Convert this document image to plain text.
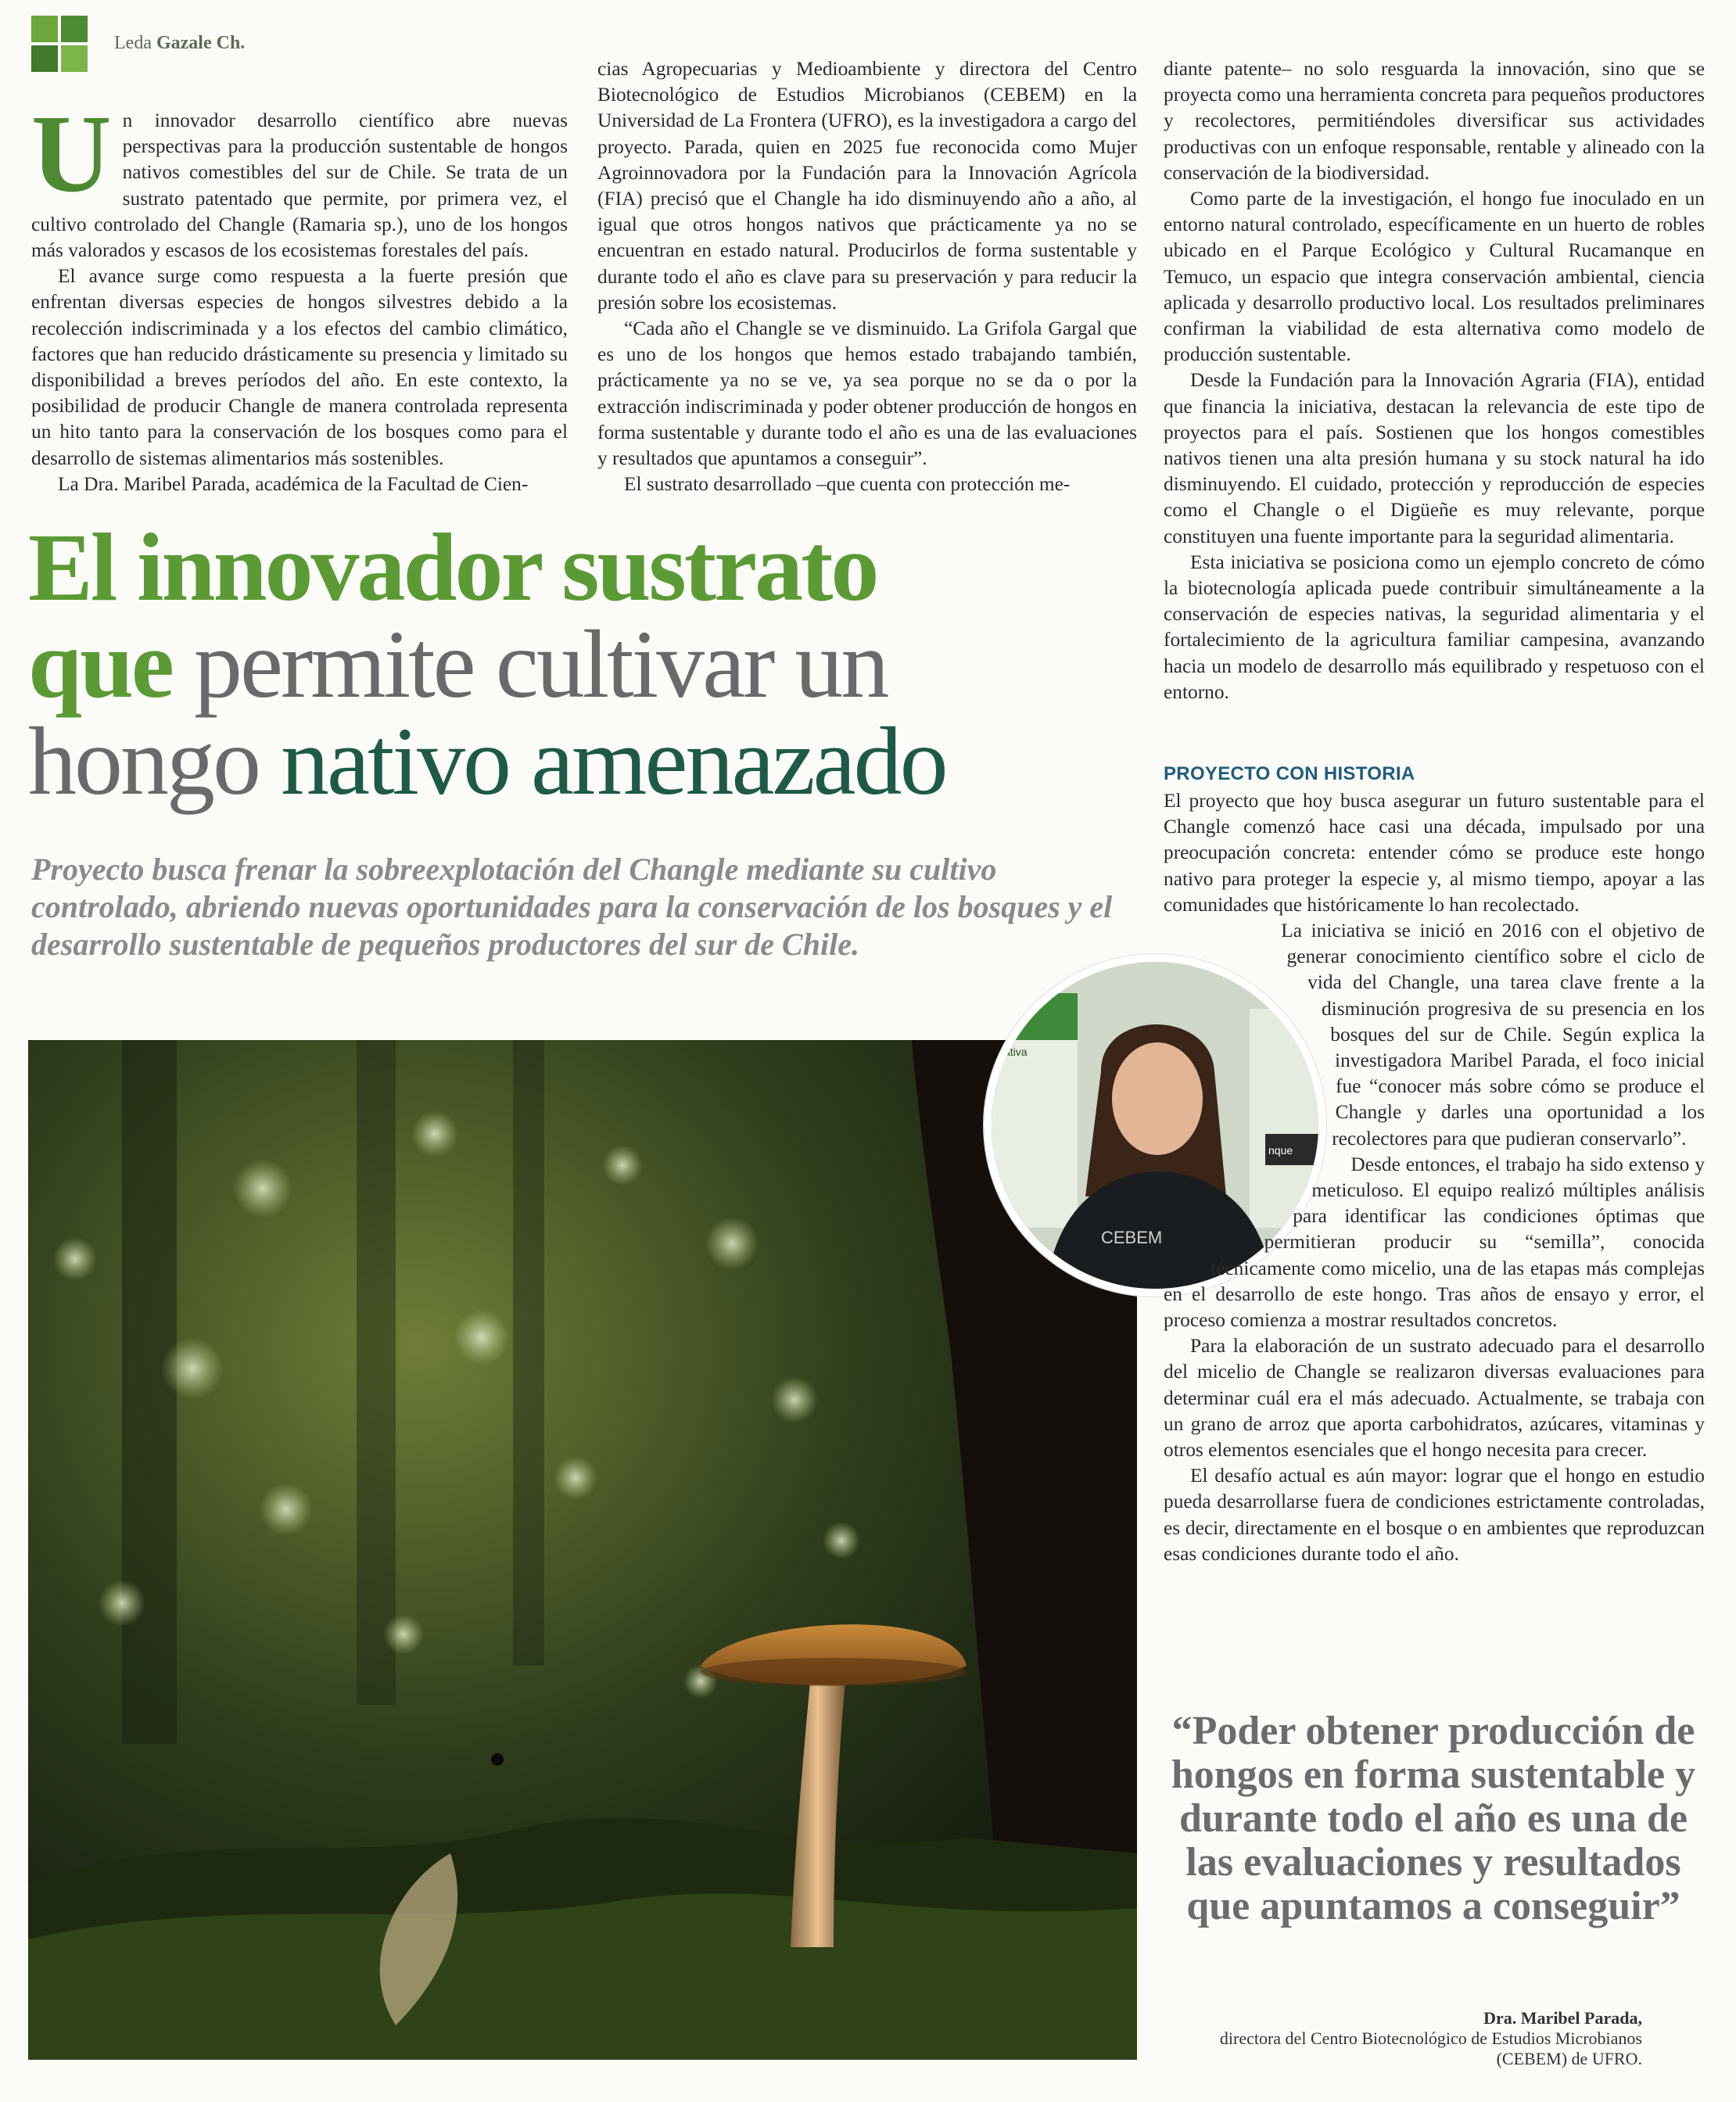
Leda Gazale Ch.

Un innovador desarrollo científico abre nuevas perspectivas para la producción sustentable de hongos nativos comestibles del sur de Chile. Se trata de un sustrato patentado que permite, por primera vez, el cultivo controlado del Changle (Ramaria sp.), uno de los hongos más valorados y escasos de los ecosistemas forestales del país.

El avance surge como respuesta a la fuerte presión que enfrentan diversas especies de hongos silvestres debido a la recolección indiscriminada y a los efectos del cambio climático, factores que han reducido drásticamente su presencia y limitado su disponibilidad a breves períodos del año. En este contexto, la posibilidad de producir Changle de manera controlada representa un hito tanto para la conservación de los bosques como para el desarrollo de sistemas alimentarios más sostenibles.

La Dra. Maribel Parada, académica de la Facultad de Cien-

cias Agropecuarias y Medioambiente y directora del Centro Biotecnológico de Estudios Microbianos (CEBEM) en la Universidad de La Frontera (UFRO), es la investigadora a cargo del proyecto. Parada, quien en 2025 fue reconocida como Mujer Agroinnovadora por la Fundación para la Innovación Agrícola (FIA) precisó que el Changle ha ido disminuyendo año a año, al igual que otros hongos nativos que prácticamente ya no se encuentran en estado natural. Producirlos de forma sustentable y durante todo el año es clave para su preservación y para reducir la presión sobre los ecosistemas.

“Cada año el Changle se ve disminuido. La Grifola Gargal que es uno de los hongos que hemos estado trabajando también, prácticamente ya no se ve, ya sea porque no se da o por la extracción indiscriminada y poder obtener producción de hongos en forma sustentable y durante todo el año es una de las evaluaciones y resultados que apuntamos a conseguir”.

El sustrato desarrollado –que cuenta con protección me-

diante patente– no solo resguarda la innovación, sino que se proyecta como una herramienta concreta para pequeños productores y recolectores, permitiéndoles diversificar sus actividades productivas con un enfoque responsable, rentable y alineado con la conservación de la biodiversidad.

Como parte de la investigación, el hongo fue inoculado en un entorno natural controlado, específicamente en un huerto de robles ubicado en el Parque Ecológico y Cultural Rucamanque en Temuco, un espacio que integra conservación ambiental, ciencia aplicada y desarrollo productivo local. Los resultados preliminares confirman la viabilidad de esta alternativa como modelo de producción sustentable.

Desde la Fundación para la Innovación Agraria (FIA), entidad que financia la iniciativa, destacan la relevancia de este tipo de proyectos para el país. Sostienen que los hongos comestibles nativos tienen una alta presión humana y su stock natural ha ido disminuyendo. El cuidado, protección y reproducción de especies como el Changle o el Digüeñe es muy relevante, porque constituyen una fuente importante para la seguridad alimentaria.

Esta iniciativa se posiciona como un ejemplo concreto de cómo la biotecnología aplicada puede contribuir simultáneamente a la conservación de especies nativas, la seguridad alimentaria y el fortalecimiento de la agricultura familiar campesina, avanzando hacia un modelo de desarrollo más equilibrado y respetuoso con el entorno.

El innovador sustrato
que permite cultivar un
hongo nativo amenazado
Proyecto busca frenar la sobreexplotación del Changle mediante su cultivo controlado, abriendo nuevas oportunidades para la conservación de los bosques y el desarrollo sustentable de pequeños productores del sur de Chile.
ativa
nque
CEBEM
PROYECTO CON HISTORIA

El proyecto que hoy busca asegurar un futuro sustentable para el Changle comenzó hace casi una década, impulsado por una preocupación concreta: entender cómo se produce este hongo nativo para proteger la especie y, al mismo tiempo, apoyar a las comunidades que históricamente lo han recolectado.

La iniciativa se inició en 2016 con el objetivo de generar conocimiento científico sobre el ciclo de vida del Changle, una tarea clave frente a la disminución progresiva de su presencia en los bosques del sur de Chile. Según explica la investigadora Maribel Parada, el foco inicial fue “conocer más sobre cómo se produce el Changle y darles una oportunidad a los recolectores para que pudieran conservarlo”.

Desde entonces, el trabajo ha sido extenso y meticuloso. El equipo realizó múltiples análisis para identificar las condiciones óptimas que permitieran producir su “semilla”, conocida técnicamente como micelio, una de las etapas más complejas en el desarrollo de este hongo. Tras años de ensayo y error, el proceso comienza a mostrar resultados concretos.

Para la elaboración de un sustrato adecuado para el desarrollo del micelio de Changle se realizaron diversas evaluaciones para determinar cuál era el más adecuado. Actualmente, se trabaja con un grano de arroz que aporta carbohidratos, azúcares, vitaminas y otros elementos esenciales que el hongo necesita para crecer.

El desafío actual es aún mayor: lograr que el hongo en estudio pueda desarrollarse fuera de condiciones estrictamente controladas, es decir, directamente en el bosque o en ambientes que reproduzcan esas condiciones durante todo el año.

“Poder obtener producción de hongos en forma sustentable y durante todo el año es una de las evaluaciones y resultados que apuntamos a conseguir”
Dra. Maribel Parada,
directora del Centro Biotecnológico de Estudios Microbianos (CEBEM) de UFRO.
